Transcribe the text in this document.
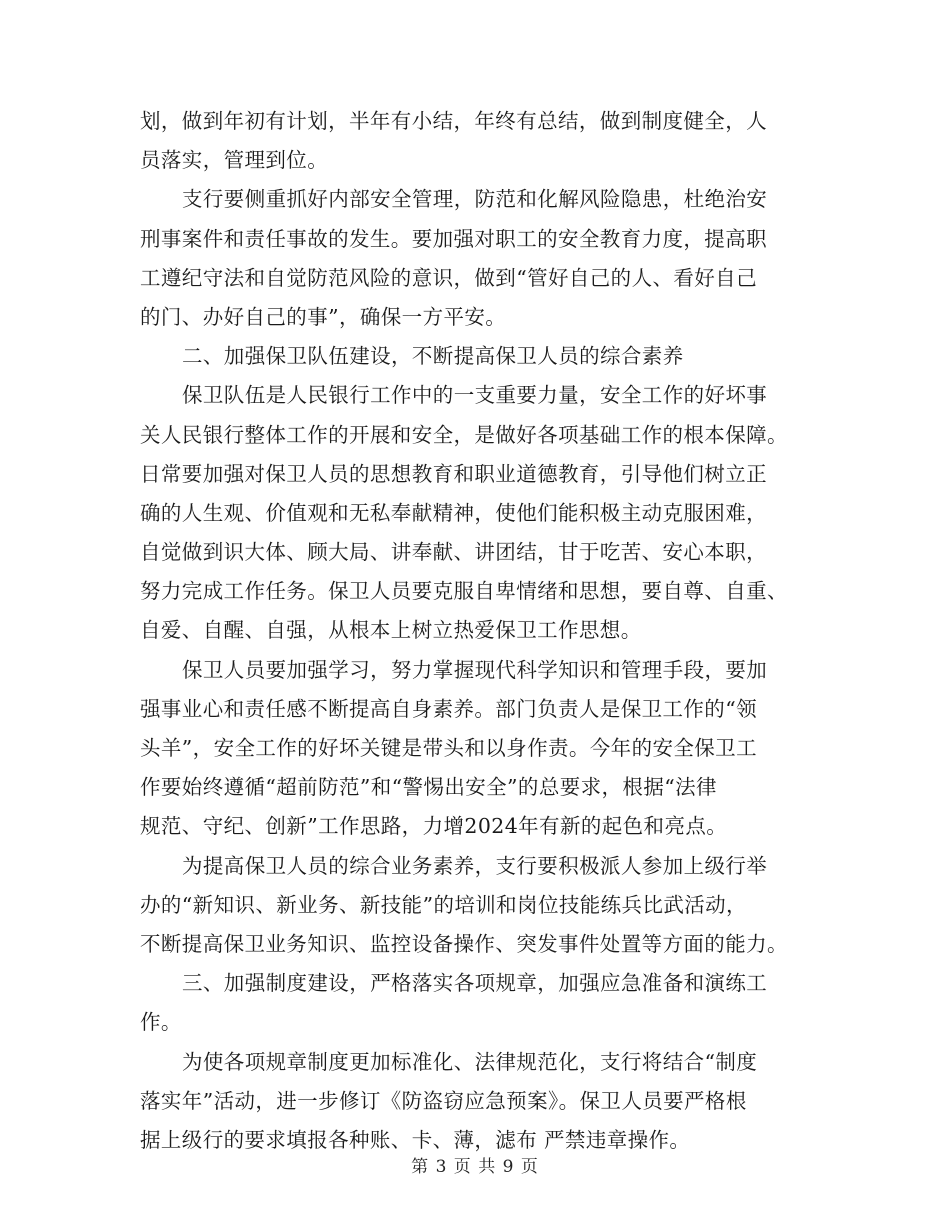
划，做到年初有计划，半年有小结，年终有总结，做到制度健全，人
员落实，管理到位。
支行要侧重抓好内部安全管理，防范和化解风险隐患，杜绝治安
刑事案件和责任事故的发生。要加强对职工的安全教育力度，提高职
工遵纪守法和自觉防范风险的意识，做到“管好自己的人、看好自己
的门、办好自己的事”，确保一方平安。
二、加强保卫队伍建设，不断提高保卫人员的综合素养
保卫队伍是人民银行工作中的一支重要力量，安全工作的好坏事
关人民银行整体工作的开展和安全，是做好各项基础工作的根本保障。
日常要加强对保卫人员的思想教育和职业道德教育，引导他们树立正
确的人生观、价值观和无私奉献精神，使他们能积极主动克服困难，
自觉做到识大体、顾大局、讲奉献、讲团结，甘于吃苦、安心本职，
努力完成工作任务。保卫人员要克服自卑情绪和思想，要自尊、自重、
自爱、自醒、自强，从根本上树立热爱保卫工作思想。
保卫人员要加强学习，努力掌握现代科学知识和管理手段，要加
强事业心和责任感不断提高自身素养。部门负责人是保卫工作的“领
头羊”，安全工作的好坏关键是带头和以身作责。今年的安全保卫工
作要始终遵循“超前防范”和“警惕出安全”的总要求，根据“法律
规范、守纪、创新”工作思路，力增2024年有新的起色和亮点。
为提高保卫人员的综合业务素养，支行要积极派人参加上级行举
办的“新知识、新业务、新技能”的培训和岗位技能练兵比武活动，
不断提高保卫业务知识、监控设备操作、突发事件处置等方面的能力。
三、加强制度建设，严格落实各项规章，加强应急准备和演练工
作。
为使各项规章制度更加标准化、法律规范化，支行将结合“制度
落实年”活动，进一步修订《防盗窃应急预案》。保卫人员要严格根
据上级行的要求填报各种账、卡、薄，滤布 严禁违章操作。
第 3 页 共 9 页
